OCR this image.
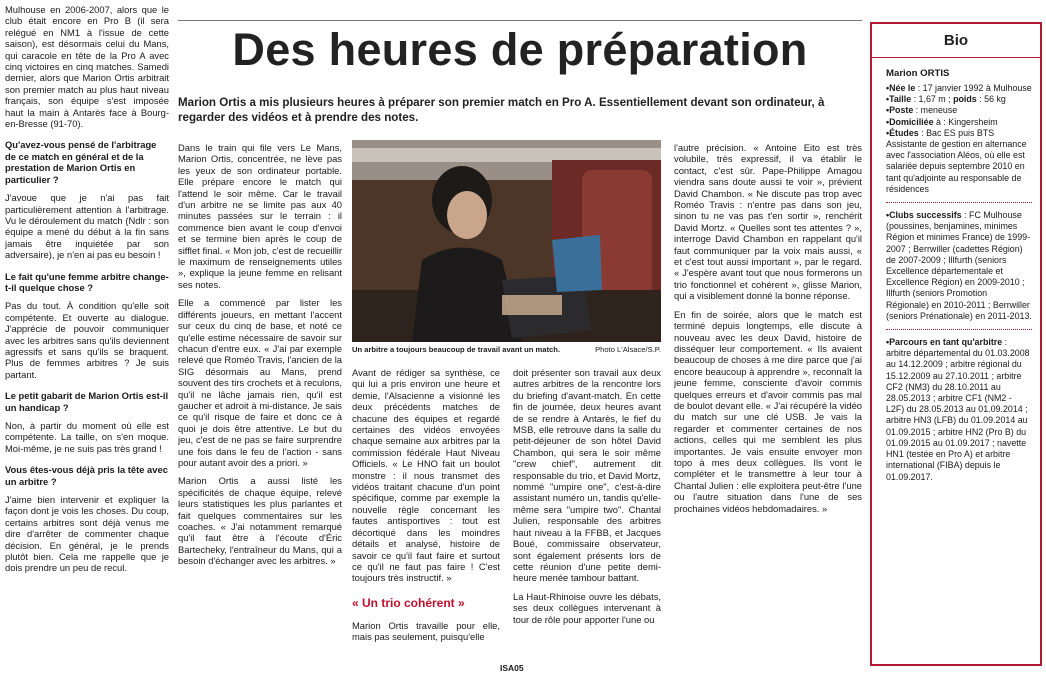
Mulhouse en 2006-2007, alors que le club était encore en Pro B (il sera relégué en NM1 à l'issue de cette saison), est désormais celui du Mans, qui caracole en tête de la Pro A avec cinq victoires en cinq matches. Samedi dernier, alors que Marion Ortis arbitrait son premier match au plus haut niveau français, son équipe s'est imposée haut la main à Antarès face à Bourg-en-Bresse (91-70).

Qu'avez-vous pensé de l'arbitrage de ce match en général et de la prestation de Marion Ortis en particulier ?

J'avoue que je n'ai pas fait particulièrement attention à l'arbitrage. Vu le déroulement du match (Ndlr : son équipe a mené du début à la fin sans jamais être inquiétée par son adversaire), je n'en ai pas eu besoin !

Le fait qu'une femme arbitre change-t-il quelque chose ?

Pas du tout. À condition qu'elle soit compétente. Et ouverte au dialogue. J'apprécie de pouvoir communiquer avec les arbitres sans qu'ils deviennent agressifs et sans qu'ils se braquent. Plus de femmes arbitres ? Je suis partant.

Le petit gabarit de Marion Ortis est-il un handicap ?

Non, à partir du moment où elle est compétente. La taille, on s'en moque. Moi-même, je ne suis pas très grand !

Vous êtes-vous déjà pris la tête avec un arbitre ?

J'aime bien intervenir et expliquer la façon dont je vois les choses. Du coup, certains arbitres sont déjà venus me dire d'arrêter de commenter chaque décision. En général, je le prends plutôt bien. Cela me rappelle que je dois prendre un peu de recul.

Des heures de préparation
Marion Ortis a mis plusieurs heures à préparer son premier match en Pro A. Essentiellement devant son ordinateur, à regarder des vidéos et à prendre des notes.
Un arbitre a toujours beaucoup de travail avant un match.	Photo L'Alsace/S.P.

Dans le train qui file vers Le Mans, Marion Ortis, concentrée, ne lève pas les yeux de son ordinateur portable. Elle prépare encore le match qui l'attend le soir même. Car le travail d'un arbitre ne se limite pas aux 40 minutes passées sur le terrain : il commence bien avant le coup d'envoi et se termine bien après le coup de sifflet final. « Mon job, c'est de recueillir le maximum de renseignements utiles », explique la jeune femme en relisant ses notes.

Elle a commencé par lister les différents joueurs, en mettant l'accent sur ceux du cinq de base, et noté ce qu'elle estime nécessaire de savoir sur chacun d'entre eux. « J'ai par exemple relevé que Roméo Travis, l'ancien de la SIG désormais au Mans, prend souvent des tirs crochets et à reculons, qu'il ne lâche jamais rien, qu'il est gaucher et adroit à mi-distance. Je sais ce qu'il risque de faire et donc ce à quoi je dois être attentive. Le but du jeu, c'est de ne pas se faire surprendre une fois dans le feu de l'action - sans pour autant avoir des a priori. »

Marion Ortis a aussi listé les spécificités de chaque équipe, relevé leurs statistiques les plus parlantes et fait quelques commentaires sur les coaches. « J'ai notamment remarqué qu'il faut être à l'écoute d'Éric Bartecheky, l'entraîneur du Mans, qui a besoin d'échanger avec les arbitres. »

Avant de rédiger sa synthèse, ce qui lui a pris environ une heure et demie, l'Alsacienne a visionné les deux précédents matches de chacune des équipes et regardé certaines des vidéos envoyées chaque semaine aux arbitres par la commission fédérale Haut Niveau Officiels. « Le HNO fait un boulot monstre : il nous transmet des vidéos traitant chacune d'un point spécifique, comme par exemple la nouvelle règle concernant les fautes antisportives : tout est décortiqué dans les moindres détails et analysé, histoire de savoir ce qu'il faut faire et surtout ce qu'il ne faut pas faire ! C'est toujours très instructif. »

« Un trio cohérent »

Marion Ortis travaille pour elle, mais pas seulement, puisqu'elle

doit présenter son travail aux deux autres arbitres de la rencontre lors du briefing d'avant-match. En cette fin de journée, deux heures avant de se rendre à Antarès, le fief du MSB, elle retrouve dans la salle du petit-déjeuner de son hôtel David Chambon, qui sera le soir même "crew chief", autrement dit responsable du trio, et David Mortz, nommé "umpire one", c'est-à-dire assistant numéro un, tandis qu'elle-même sera "umpire two". Chantal Julien, responsable des arbitres haut niveau à la FFBB, et Jacques Boué, commissaire observateur, sont également présents lors de cette réunion d'une petite demi-heure menée tambour battant.

La Haut-Rhinoise ouvre les débats, ses deux collègues intervenant à tour de rôle pour apporter l'une ou

l'autre précision. « Antoine Eito est très volubile, très expressif, il va établir le contact, c'est sûr. Pape-Philippe Amagou viendra sans doute aussi te voir », prévient David Chambon. « Ne discute pas trop avec Roméo Travis : n'entre pas dans son jeu, sinon tu ne vas pas t'en sortir », renchérit David Mortz. « Quelles sont tes attentes ? », interroge David Chambon en rappelant qu'il faut communiquer par la voix mais aussi, « et c'est tout aussi important », par le regard. « J'espère avant tout que nous formerons un trio fonctionnel et cohérent », glisse Marion, qui a visiblement donné la bonne réponse.

En fin de soirée, alors que le match est terminé depuis longtemps, elle discute à nouveau avec les deux David, histoire de disséquer leur comportement. « Ils avaient beaucoup de choses à me dire parce que j'ai encore beaucoup à apprendre », reconnaît la jeune femme, consciente d'avoir commis quelques erreurs et d'avoir commis pas mal de boulot devant elle. « J'ai récupéré la vidéo du match sur une clé USB. Je vais la regarder et commenter certaines de nos actions, celles qui me semblent les plus importantes. Je vais ensuite envoyer mon topo à mes deux collègues. Ils vont le compléter et le transmettre à leur tour à Chantal Julien : elle exploitera peut-être l'une ou l'autre situation dans l'une de ses prochaines vidéos hebdomadaires. »

Bio
Marion ORTIS

•Née le : 17 janvier 1992 à Mulhouse

•Taille : 1,67 m ; poids : 56 kg

•Poste : meneuse

•Domiciliée à : Kingersheim

•Études : Bac ES puis BTS Assistante de gestion en alternance avec l'association Aléos, où elle est salariée depuis septembre 2010 en tant qu'adjointe au responsable de résidences

•Clubs successifs : FC Mulhouse (poussines, benjamines, minimes Région et minimes France) de 1999-2007 ; Berrwiller (cadettes Région) de 2007-2009 ; Illfurth (seniors Excellence départementale et Excellence Région) en 2009-2010 ; Illfurth (seniors Promotion Régionale) en 2010-2011 ; Berrwiller (seniors Prénationale) en 2011-2013.

•Parcours en tant qu'arbitre : arbitre départemental du 01.03.2008 au 14.12.2009 ; arbitre régional du 15.12.2009 au 27.10.2011 ; arbitre CF2 (NM3) du 28.10.2011 au 28.05.2013 ; arbitre CF1 (NM2 - L2F) du 28.05.2013 au 01.09.2014 ; arbitre HN3 (LFB) du 01.09.2014 au 01.09.2015 ; arbitre HN2 (Pro B) du 01.09.2015 au 01.09.2017 ; navette HN1 (testée en Pro A) et arbitre international (FIBA) depuis le 01.09.2017.

ISA05
